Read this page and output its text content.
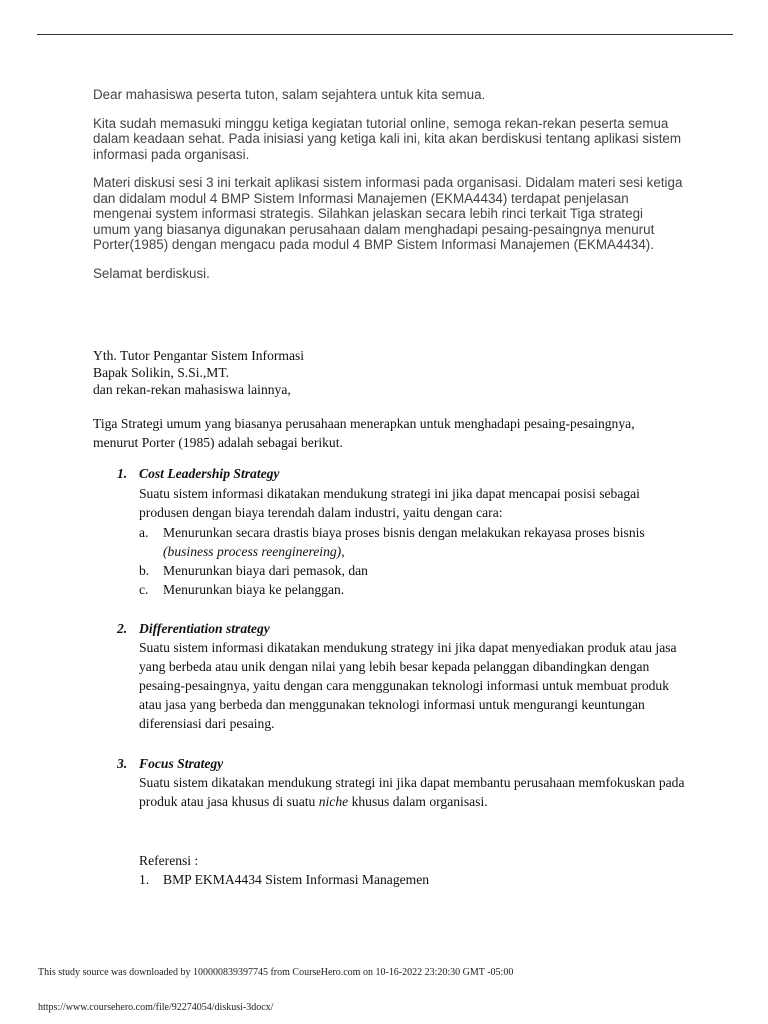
Dear mahasiswa peserta tuton, salam sejahtera untuk kita semua.

Kita sudah memasuki minggu ketiga kegiatan tutorial online, semoga rekan-rekan peserta semua dalam keadaan sehat. Pada inisiasi yang ketiga kali ini, kita akan berdiskusi tentang aplikasi sistem informasi pada organisasi.

Materi diskusi sesi 3 ini terkait aplikasi sistem informasi pada organisasi. Didalam materi sesi ketiga dan didalam modul 4 BMP Sistem Informasi Manajemen (EKMA4434) terdapat penjelasan mengenai system informasi strategis. Silahkan jelaskan secara lebih rinci terkait Tiga strategi umum yang biasanya digunakan perusahaan dalam menghadapi pesaing-pesaingnya menurut Porter(1985) dengan mengacu pada modul 4 BMP Sistem Informasi Manajemen (EKMA4434).

Selamat berdiskusi.

Yth. Tutor Pengantar Sistem Informasi
Bapak Solikin, S.Si.,MT.
dan rekan-rekan mahasiswa lainnya,
Tiga Strategi umum yang biasanya perusahaan menerapkan untuk menghadapi pesaing-pesaingnya, menurut Porter (1985) adalah sebagai berikut.
1. Cost Leadership Strategy
Suatu sistem informasi dikatakan mendukung strategi ini jika dapat mencapai posisi sebagai produsen dengan biaya terendah dalam industri, yaitu dengan cara:
a. Menurunkan secara drastis biaya proses bisnis dengan melakukan rekayasa proses bisnis (business process reenginereing),
b. Menurunkan biaya dari pemasok, dan
c. Menurunkan biaya ke pelanggan.
2. Differentiation strategy
Suatu sistem informasi dikatakan mendukung strategy ini jika dapat menyediakan produk atau jasa yang berbeda atau unik dengan nilai yang lebih besar kepada pelanggan dibandingkan dengan pesaing-pesaingnya, yaitu dengan cara menggunakan teknologi informasi untuk membuat produk atau jasa yang berbeda dan menggunakan teknologi informasi untuk mengurangi keuntungan diferensiasi dari pesaing.
3. Focus Strategy
Suatu sistem dikatakan mendukung strategi ini jika dapat membantu perusahaan memfokuskan pada produk atau jasa khusus di suatu niche khusus dalam organisasi.
Referensi :
1. BMP EKMA4434 Sistem Informasi Managemen
This study source was downloaded by 100000839397745 from CourseHero.com on 10-16-2022 23:20:30 GMT -05:00
https://www.coursehero.com/file/92274054/diskusi-3docx/
